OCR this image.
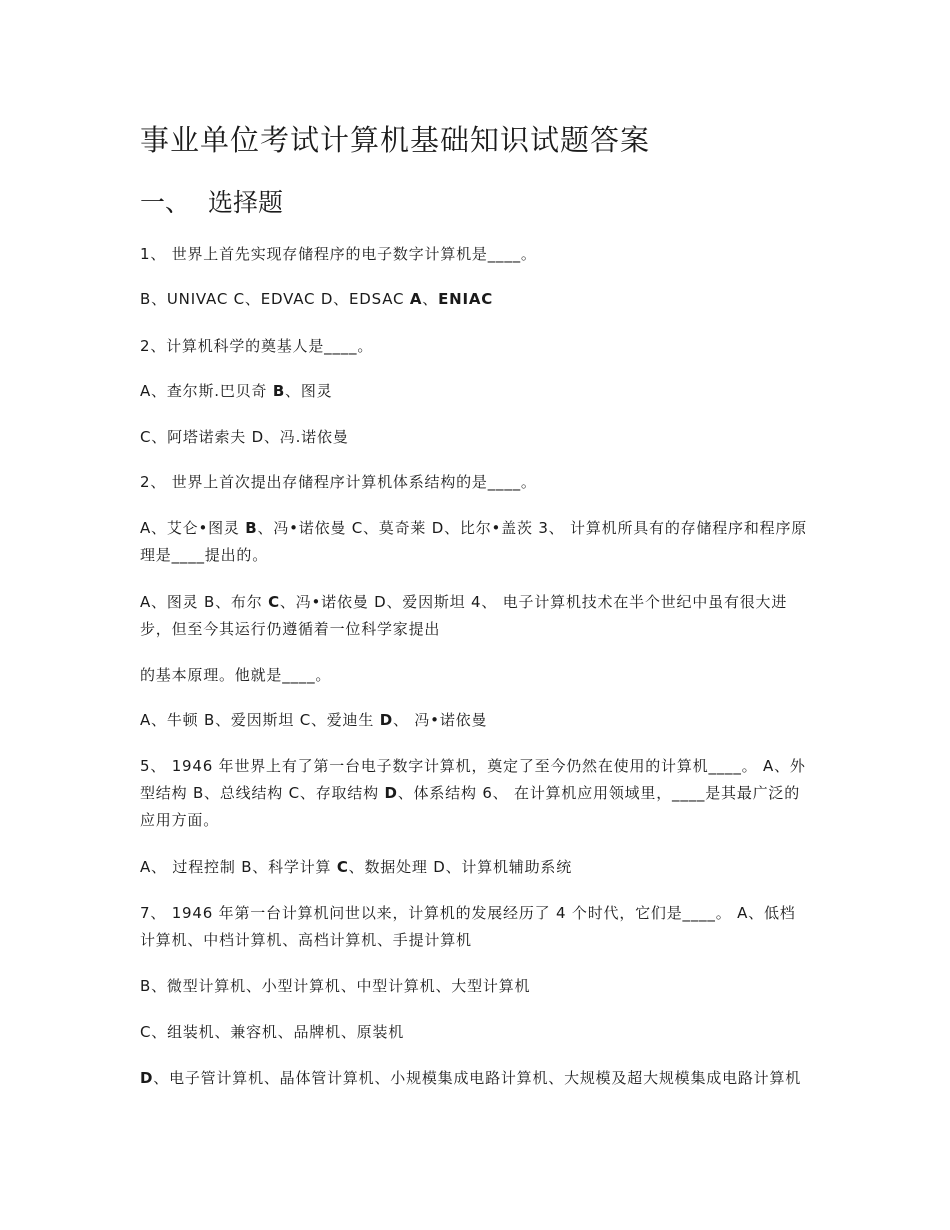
事业单位考试计算机基础知识试题答案
一、 选择题

1、 世界上首先实现存储程序的电子数字计算机是____。

B、UNIVAC C、EDVAC D、EDSAC A、ENIAC

2、计算机科学的奠基人是____。

A、查尔斯.巴贝奇 B、图灵

C、阿塔诺索夫 D、冯.诺依曼

2、 世界上首次提出存储程序计算机体系结构的是____。

A、艾仑•图灵 B、冯•诺依曼 C、莫奇莱 D、比尔•盖茨 3、 计算机所具有的存储程序和程序原理是____提出的。

A、图灵 B、布尔 C、冯•诺依曼 D、爱因斯坦 4、 电子计算机技术在半个世纪中虽有很大进步，但至今其运行仍遵循着一位科学家提出

的基本原理。他就是____。

A、牛顿 B、爱因斯坦 C、爱迪生 D、 冯•诺依曼

5、 1946 年世界上有了第一台电子数字计算机，奠定了至今仍然在使用的计算机____。 A、外型结构 B、总线结构 C、存取结构 D、体系结构 6、 在计算机应用领域里，____是其最广泛的应用方面。

A、 过程控制 B、科学计算 C、数据处理 D、计算机辅助系统

7、 1946 年第一台计算机问世以来，计算机的发展经历了 4 个时代，它们是____。 A、低档计算机、中档计算机、高档计算机、手提计算机

B、微型计算机、小型计算机、中型计算机、大型计算机

C、组装机、兼容机、品牌机、原装机

D、电子管计算机、晶体管计算机、小规模集成电路计算机、大规模及超大规模集成电路计算机
